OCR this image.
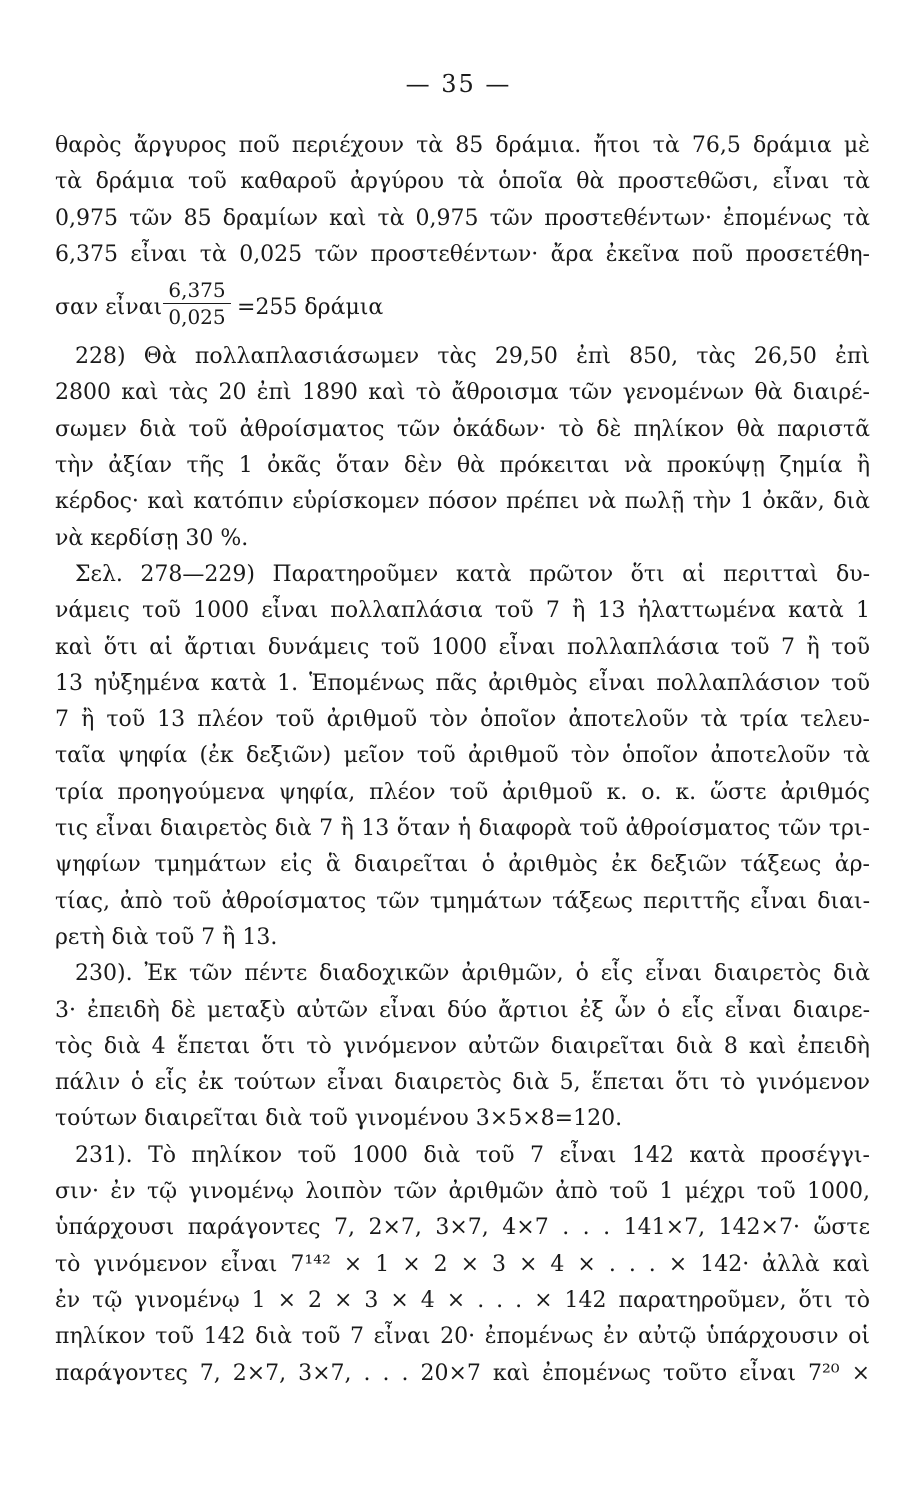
— 35 —
θαρὸς ἄργυρος ποῦ περιέχουν τὰ 85 δράμια. ἤτοι τὰ 76,5 δράμια μὲ
τὰ δράμια τοῦ καθαροῦ ἀργύρου τὰ ὁποῖα θὰ προστεθῶσι, εἶναι τὰ
0,975 τῶν 85 δραμίων καὶ τὰ 0,975 τῶν προστεθέντων· ἐπομένως τὰ
6,375 εἶναι τὰ 0,025 τῶν προστεθέντων· ἄρα ἐκεῖνα ποῦ προσετέθη-
σαν εἶναι $\frac{6,375}{0,025} =255$ δράμια
228) Θὰ πολλαπλασιάσωμεν τὰς 29,50 ἐπὶ 850, τὰς 26,50 ἐπὶ
2800 καὶ τὰς 20 ἐπὶ 1890 καὶ τὸ ἄθροισμα τῶν γενομένων θὰ διαιρέ-
σωμεν διὰ τοῦ ἀθροίσματος τῶν ὀκάδων· τὸ δὲ πηλίκον θὰ παριστᾶ
τὴν ἀξίαν τῆς 1 ὀκᾶς ὅταν δὲν θὰ πρόκειται νὰ προκύψῃ ζημία ἢ
κέρδος· καὶ κατόπιν εὑρίσκομεν πόσον πρέπει νὰ πωλῇ τὴν 1 ὀκᾶν, διὰ
νὰ κερδίσῃ 30 %.
Σελ. 278—229) Παρατηροῦμεν κατὰ πρῶτον ὅτι αἱ περιτταὶ δυ-
νάμεις τοῦ 1000 εἶναι πολλαπλάσια τοῦ 7 ἢ 13 ἠλαττωμένα κατὰ 1
καὶ ὅτι αἱ ἄρτιαι δυνάμεις τοῦ 1000 εἶναι πολλαπλάσια τοῦ 7 ἢ τοῦ
13 ηὐξημένα κατὰ 1. Ἑπομένως πᾶς ἀριθμὸς εἶναι πολλαπλάσιον τοῦ
7 ἢ τοῦ 13 πλέον τοῦ ἀριθμοῦ τὸν ὁποῖον ἀποτελοῦν τὰ τρία τελευ-
ταῖα ψηφία (ἐκ δεξιῶν) μεῖον τοῦ ἀριθμοῦ τὸν ὁποῖον ἀποτελοῦν τὰ
τρία προηγούμενα ψηφία, πλέον τοῦ ἀριθμοῦ κ. ο. κ. ὥστε ἀριθμός
τις εἶναι διαιρετὸς διὰ 7 ἢ 13 ὅταν ἡ διαφορὰ τοῦ ἀθροίσματος τῶν τρι-
ψηφίων τμημάτων εἰς ἃ διαιρεῖται ὁ ἀριθμὸς ἐκ δεξιῶν τάξεως ἀρ-
τίας, ἀπὸ τοῦ ἀθροίσματος τῶν τμημάτων τάξεως περιττῆς εἶναι διαι-
ρετὴ διὰ τοῦ 7 ἢ 13.
230). Ἐκ τῶν πέντε διαδοχικῶν ἀριθμῶν, ὁ εἷς εἶναι διαιρετὸς διὰ
3· ἐπειδὴ δὲ μεταξὺ αὐτῶν εἶναι δύο ἄρτιοι ἐξ ὧν ὁ εἷς εἶναι διαιρε-
τὸς διὰ 4 ἕπεται ὅτι τὸ γινόμενον αὐτῶν διαιρεῖται διὰ 8 καὶ ἐπειδὴ
πάλιν ὁ εἷς ἐκ τούτων εἶναι διαιρετὸς διὰ 5, ἕπεται ὅτι τὸ γινόμενον
τούτων διαιρεῖται διὰ τοῦ γινομένου 3×5×8=120.
231). Τὸ πηλίκον τοῦ 1000 διὰ τοῦ 7 εἶναι 142 κατὰ προσέγγι-
σιν· ἐν τῷ γινομένῳ λοιπὸν τῶν ἀριθμῶν ἀπὸ τοῦ 1 μέχρι τοῦ 1000,
ὑπάρχουσι παράγοντες 7, 2×7, 3×7, 4×7 . . . 141×7, 142×7· ὥστε
τὸ γινόμενον εἶναι 7¹⁴² × 1 × 2 × 3 × 4 × . . . × 142· ἀλλὰ καὶ
ἐν τῷ γινομένῳ 1 × 2 × 3 × 4 × . . . × 142 παρατηροῦμεν, ὅτι τὸ
πηλίκον τοῦ 142 διὰ τοῦ 7 εἶναι 20· ἐπομένως ἐν αὐτῷ ὑπάρχουσιν οἱ
παράγοντες 7, 2×7, 3×7, . . . 20×7 καὶ ἐπομένως τοῦτο εἶναι 7²⁰ ×
